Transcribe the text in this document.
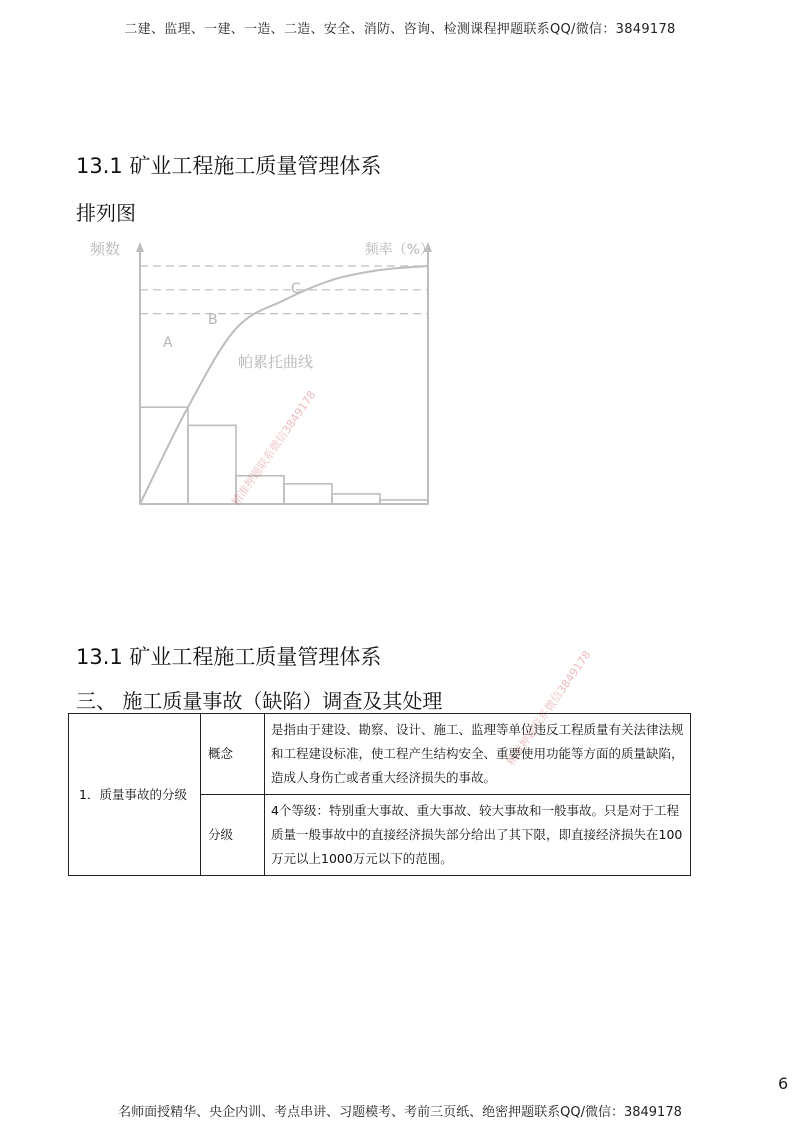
二建、监理、一建、一造、二造、安全、消防、咨询、检测课程押题联系QQ/微信：3849178
13.1 矿业工程施工质量管理体系
排列图
频数	频率（%）
帕累托曲线
A
B
C
精准押题联系微信3849178
精准押题联系微信3849178
13.1 矿业工程施工质量管理体系
三、 施工质量事故（缺陷）调查及其处理
1．质量事故的分级	概念	是指由于建设、勘察、设计、施工、监理等单位违反工程质量有关法律法规和工程建设标准，使工程产生结构安全、重要使用功能等方面的质量缺陷，造成人身伤亡或者重大经济损失的事故。
	分级	4个等级：特别重大事故、重大事故、较大事故和一般事故。只是对于工程质量一般事故中的直接经济损失部分给出了其下限，即直接经济损失在100万元以上1000万元以下的范围。
6
名师面授精华、央企内训、考点串讲、习题模考、考前三页纸、绝密押题联系QQ/微信：3849178
